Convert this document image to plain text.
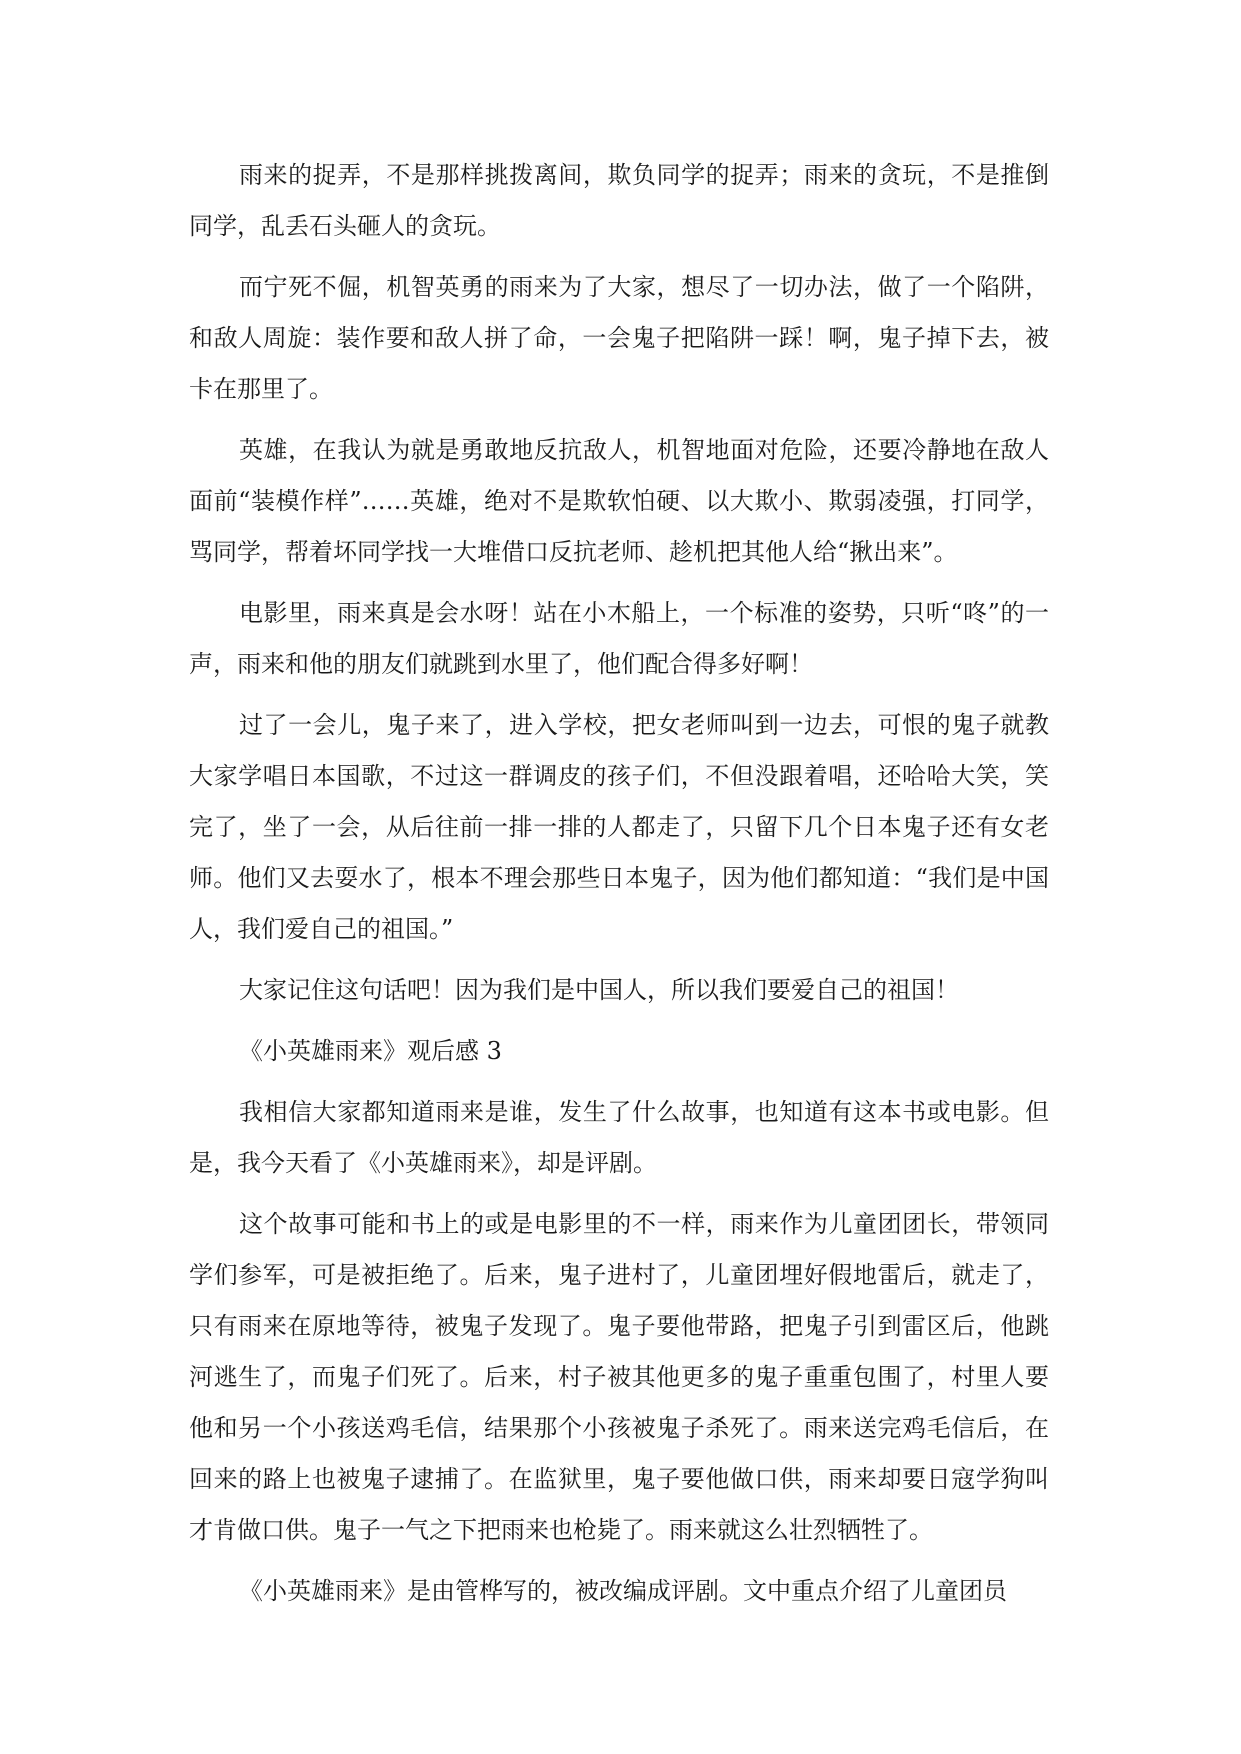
雨来的捉弄，不是那样挑拨离间，欺负同学的捉弄；雨来的贪玩，不是推倒同学，乱丢石头砸人的贪玩。

而宁死不倔，机智英勇的雨来为了大家，想尽了一切办法，做了一个陷阱，和敌人周旋：装作要和敌人拼了命，一会鬼子把陷阱一踩！啊，鬼子掉下去，被卡在那里了。

英雄，在我认为就是勇敢地反抗敌人，机智地面对危险，还要冷静地在敌人面前“装模作样”……英雄，绝对不是欺软怕硬、以大欺小、欺弱凌强，打同学，骂同学，帮着坏同学找一大堆借口反抗老师、趁机把其他人给“揪出来”。

电影里，雨来真是会水呀！站在小木船上，一个标准的姿势，只听“咚”的一声，雨来和他的朋友们就跳到水里了，他们配合得多好啊！

过了一会儿，鬼子来了，进入学校，把女老师叫到一边去，可恨的鬼子就教大家学唱日本国歌，不过这一群调皮的孩子们，不但没跟着唱，还哈哈大笑，笑完了，坐了一会，从后往前一排一排的人都走了，只留下几个日本鬼子还有女老师。他们又去耍水了，根本不理会那些日本鬼子，因为他们都知道：“我们是中国人，我们爱自己的祖国。”

大家记住这句话吧！因为我们是中国人，所以我们要爱自己的祖国！

《小英雄雨来》观后感 3

我相信大家都知道雨来是谁，发生了什么故事，也知道有这本书或电影。但是，我今天看了《小英雄雨来》，却是评剧。

这个故事可能和书上的或是电影里的不一样，雨来作为儿童团团长，带领同学们参军，可是被拒绝了。后来，鬼子进村了，儿童团埋好假地雷后，就走了，只有雨来在原地等待，被鬼子发现了。鬼子要他带路，把鬼子引到雷区后，他跳河逃生了，而鬼子们死了。后来，村子被其他更多的鬼子重重包围了，村里人要他和另一个小孩送鸡毛信，结果那个小孩被鬼子杀死了。雨来送完鸡毛信后，在回来的路上也被鬼子逮捕了。在监狱里，鬼子要他做口供，雨来却要日寇学狗叫才肯做口供。鬼子一气之下把雨来也枪毙了。雨来就这么壮烈牺牲了。

《小英雄雨来》是由管桦写的，被改编成评剧。文中重点介绍了儿童团员
